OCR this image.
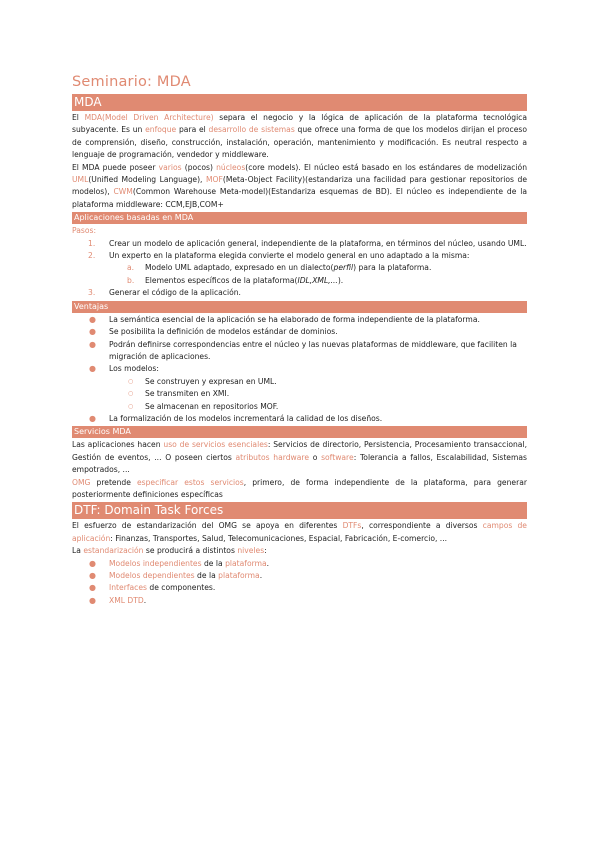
Seminario: MDA
MDA

El MDA(Model Driven Architecture) separa el negocio y la lógica de aplicación de la plataforma tecnológica subyacente. Es un enfoque para el desarrollo de sistemas que ofrece una forma de que los modelos dirijan el proceso de comprensión, diseño, construcción, instalación, operación, mantenimiento y modificación. Es neutral respecto a lenguaje de programación, vendedor y middleware.

El MDA puede poseer varios (pocos) núcleos(core models). El núcleo está basado en los estándares de modelización UML(Unified Modeling Language), MOF(Meta-Object Facility)(estandariza una facilidad para gestionar repositorios de modelos), CWM(Common Warehouse Meta-model)(Estandariza esquemas de BD). El núcleo es independiente de la plataforma middleware: CCM,EJB,COM+

Aplicaciones basadas en MDA

Pasos:

1. Crear un modelo de aplicación general, independiente de la plataforma, en términos del núcleo, usando UML.
2. Un experto en la plataforma elegida convierte el modelo general en uno adaptado a la misma:
a. Modelo UML adaptado, expresado en un dialecto(perfil) para la plataforma.
b. Elementos específicos de la plataforma(IDL,XML,...).
3. Generar el código de la aplicación.
Ventajas
● La semántica esencial de la aplicación se ha elaborado de forma independiente de la plataforma.
● Se posibilita la definición de modelos estándar de dominios.
● Podrán definirse correspondencias entre el núcleo y las nuevas plataformas de middleware, que faciliten la migración de aplicaciones.
● Los modelos:
○ Se construyen y expresan en UML.
○ Se transmiten en XMI.
○ Se almacenan en repositorios MOF.
● La formalización de los modelos incrementará la calidad de los diseños.
Servicios MDA

Las aplicaciones hacen uso de servicios esenciales: Servicios de directorio, Persistencia, Procesamiento transaccional, Gestión de eventos, ... O poseen ciertos atributos hardware o software: Tolerancia a fallos, Escalabilidad, Sistemas empotrados, ...

OMG pretende especificar estos servicios, primero, de forma independiente de la plataforma, para generar posteriormente definiciones específicas

DTF: Domain Task Forces

El esfuerzo de estandarización del OMG se apoya en diferentes DTFs, correspondiente a diversos campos de aplicación: Finanzas, Transportes, Salud, Telecomunicaciones, Espacial, Fabricación, E-comercio, ...

La estandarización se producirá a distintos niveles:

● Modelos independientes de la plataforma.
● Modelos dependientes de la plataforma.
● Interfaces de componentes.
● XML DTD.
